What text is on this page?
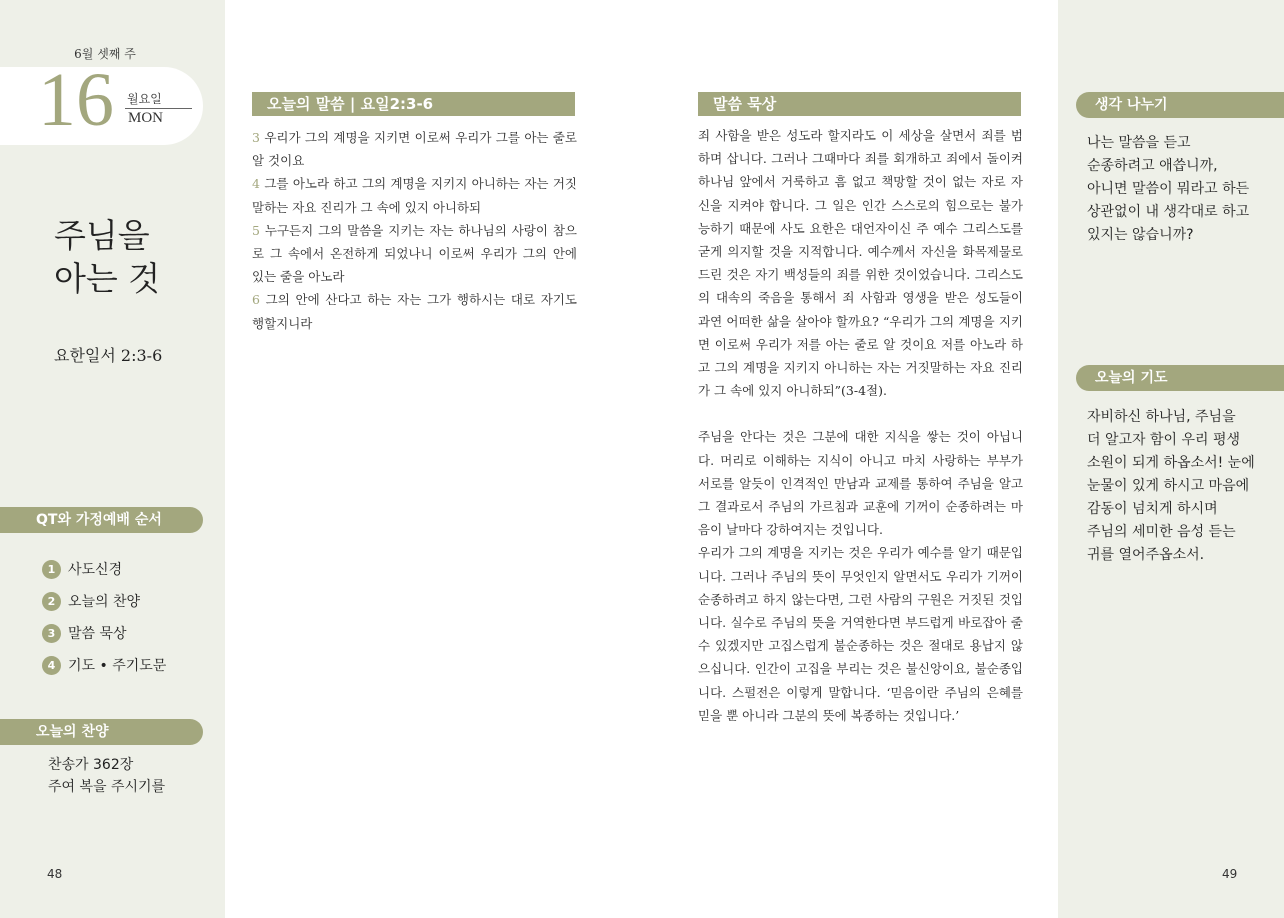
6월 셋째 주
16 월요일
MON
주님을
아는 것
요한일서 2:3-6
QT와 가정예배 순서
1 사도신경
2 오늘의 찬양
3 말씀 묵상
4 기도 • 주기도문
오늘의 찬양
찬송가 362장
주여 복을 주시기를
48
오늘의 말씀 | 요일2:3-6
3 우리가 그의 계명을 지키면 이로써 우리가 그를 아는 줄로 알 것이요
4 그를 아노라 하고 그의 계명을 지키지 아니하는 자는 거짓말하는 자요 진리가 그 속에 있지 아니하되
5 누구든지 그의 말씀을 지키는 자는 하나님의 사랑이 참으로 그 속에서 온전하게 되었나니 이로써 우리가 그의 안에 있는 줄을 아노라
6 그의 안에 산다고 하는 자는 그가 행하시는 대로 자기도 행할지니라
말씀 묵상

죄 사함을 받은 성도라 할지라도 이 세상을 살면서 죄를 범하며 삽니다. 그러나 그때마다 죄를 회개하고 죄에서 돌이켜 하나님 앞에서 거룩하고 흠 없고 책망할 것이 없는 자로 자신을 지켜야 합니다. 그 일은 인간 스스로의 힘으로는 불가능하기 때문에 사도 요한은 대언자이신 주 예수 그리스도를 굳게 의지할 것을 지적합니다. 예수께서 자신을 화목제물로 드린 것은 자기 백성들의 죄를 위한 것이었습니다. 그리스도의 대속의 죽음을 통해서 죄 사함과 영생을 받은 성도들이 과연 어떠한 삶을 살아야 할까요? “우리가 그의 계명을 지키면 이로써 우리가 저를 아는 줄로 알 것이요 저를 아노라 하고 그의 계명을 지키지 아니하는 자는 거짓말하는 자요 진리가 그 속에 있지 아니하되”(3-4절).

주님을 안다는 것은 그분에 대한 지식을 쌓는 것이 아닙니다. 머리로 이해하는 지식이 아니고 마치 사랑하는 부부가 서로를 알듯이 인격적인 만남과 교제를 통하여 주님을 알고 그 결과로서 주님의 가르침과 교훈에 기꺼이 순종하려는 마음이 날마다 강하여지는 것입니다.

우리가 그의 계명을 지키는 것은 우리가 예수를 알기 때문입니다. 그러나 주님의 뜻이 무엇인지 알면서도 우리가 기꺼이 순종하려고 하지 않는다면, 그런 사람의 구원은 거짓된 것입니다. 실수로 주님의 뜻을 거역한다면 부드럽게 바로잡아 줄 수 있겠지만 고집스럽게 불순종하는 것은 절대로 용납지 않으십니다. 인간이 고집을 부리는 것은 불신앙이요, 불순종입니다. 스펄전은 이렇게 말합니다. ‘믿음이란 주님의 은혜를 믿을 뿐 아니라 그분의 뜻에 복종하는 것입니다.’

생각 나누기
나는 말씀을 듣고
순종하려고 애씁니까,
아니면 말씀이 뭐라고 하든
상관없이 내 생각대로 하고
있지는 않습니까?
오늘의 기도
자비하신 하나님, 주님을
더 알고자 함이 우리 평생
소원이 되게 하옵소서! 눈에
눈물이 있게 하시고 마음에
감동이 넘치게 하시며
주님의 세미한 음성 듣는
귀를 열어주옵소서.
49
